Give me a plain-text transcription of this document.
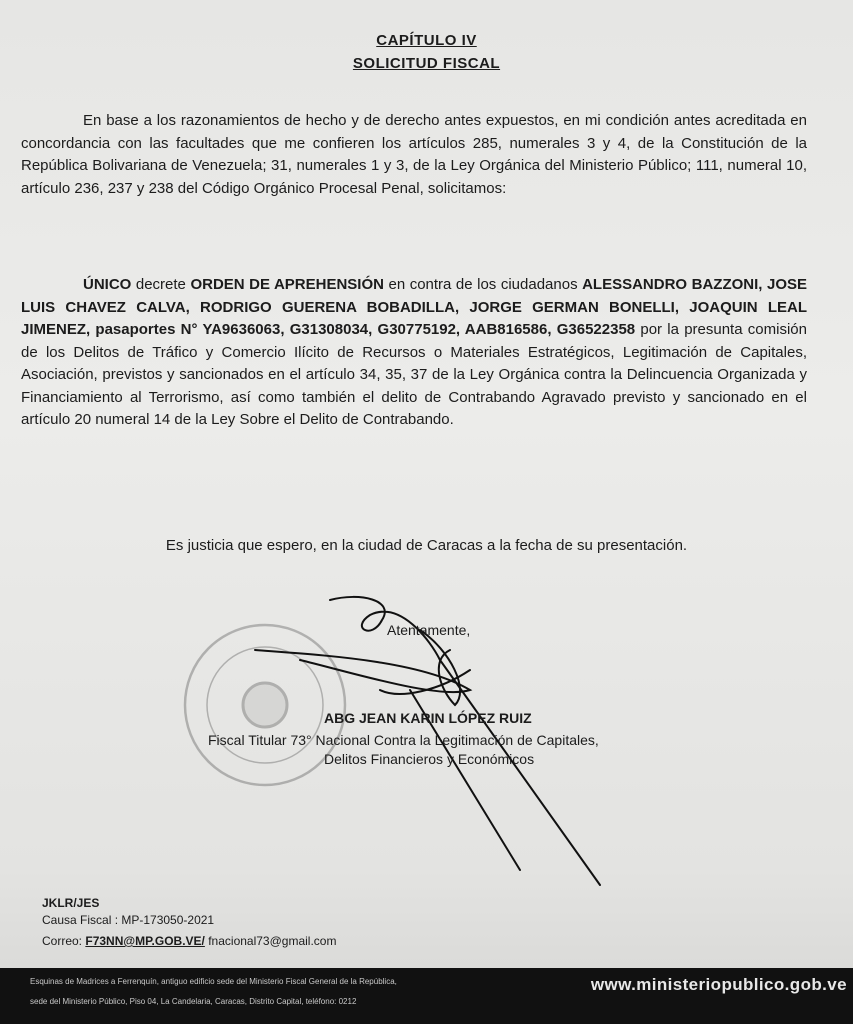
CAPÍTULO IV
SOLICITUD FISCAL
En base a los razonamientos de hecho y de derecho antes expuestos, en mi condición antes acreditada en concordancia con las facultades que me confieren los artículos 285, numerales 3 y 4, de la Constitución de la República Bolivariana de Venezuela; 31, numerales 1 y 3, de la Ley Orgánica del Ministerio Público; 111, numeral 10, artículo 236, 237 y 238 del Código Orgánico Procesal Penal, solicitamos:
ÚNICO decrete ORDEN DE APREHENSIÓN en contra de los ciudadanos ALESSANDRO BAZZONI, JOSE LUIS CHAVEZ CALVA, RODRIGO GUERENA BOBADILLA, JORGE GERMAN BONELLI, JOAQUIN LEAL JIMENEZ, pasaportes N° YA9636063, G31308034, G30775192, AAB816586, G36522358 por la presunta comisión de los Delitos de Tráfico y Comercio Ilícito de Recursos o Materiales Estratégicos, Legitimación de Capitales, Asociación, previstos y sancionados en el artículo 34, 35, 37 de la Ley Orgánica contra la Delincuencia Organizada y Financiamiento al Terrorismo, así como también el delito de Contrabando Agravado previsto y sancionado en el artículo 20 numeral 14 de la Ley Sobre el Delito de Contrabando.
Es justicia que espero, en la ciudad de Caracas a la fecha de su presentación.
Atentamente,
ABG JEAN KARIN LÓPEZ RUIZ
Fiscal Titular 73° Nacional Contra la Legitimación de Capitales,
Delitos Financieros y Económicos
JKLR/JES
Causa Fiscal : MP-173050-2021
Correo: F73NN@MP.GOB.VE/ fnacional73@gmail.com
Esquinas de Madrices a Ferrenquín, antiguo edificio sede del Ministerio Fiscal General de la República,
sede del Ministerio Público, Piso 04, La Candelaria, Caracas, Distrito Capital, teléfono: 0212
www.ministeriopublico.gob.ve
